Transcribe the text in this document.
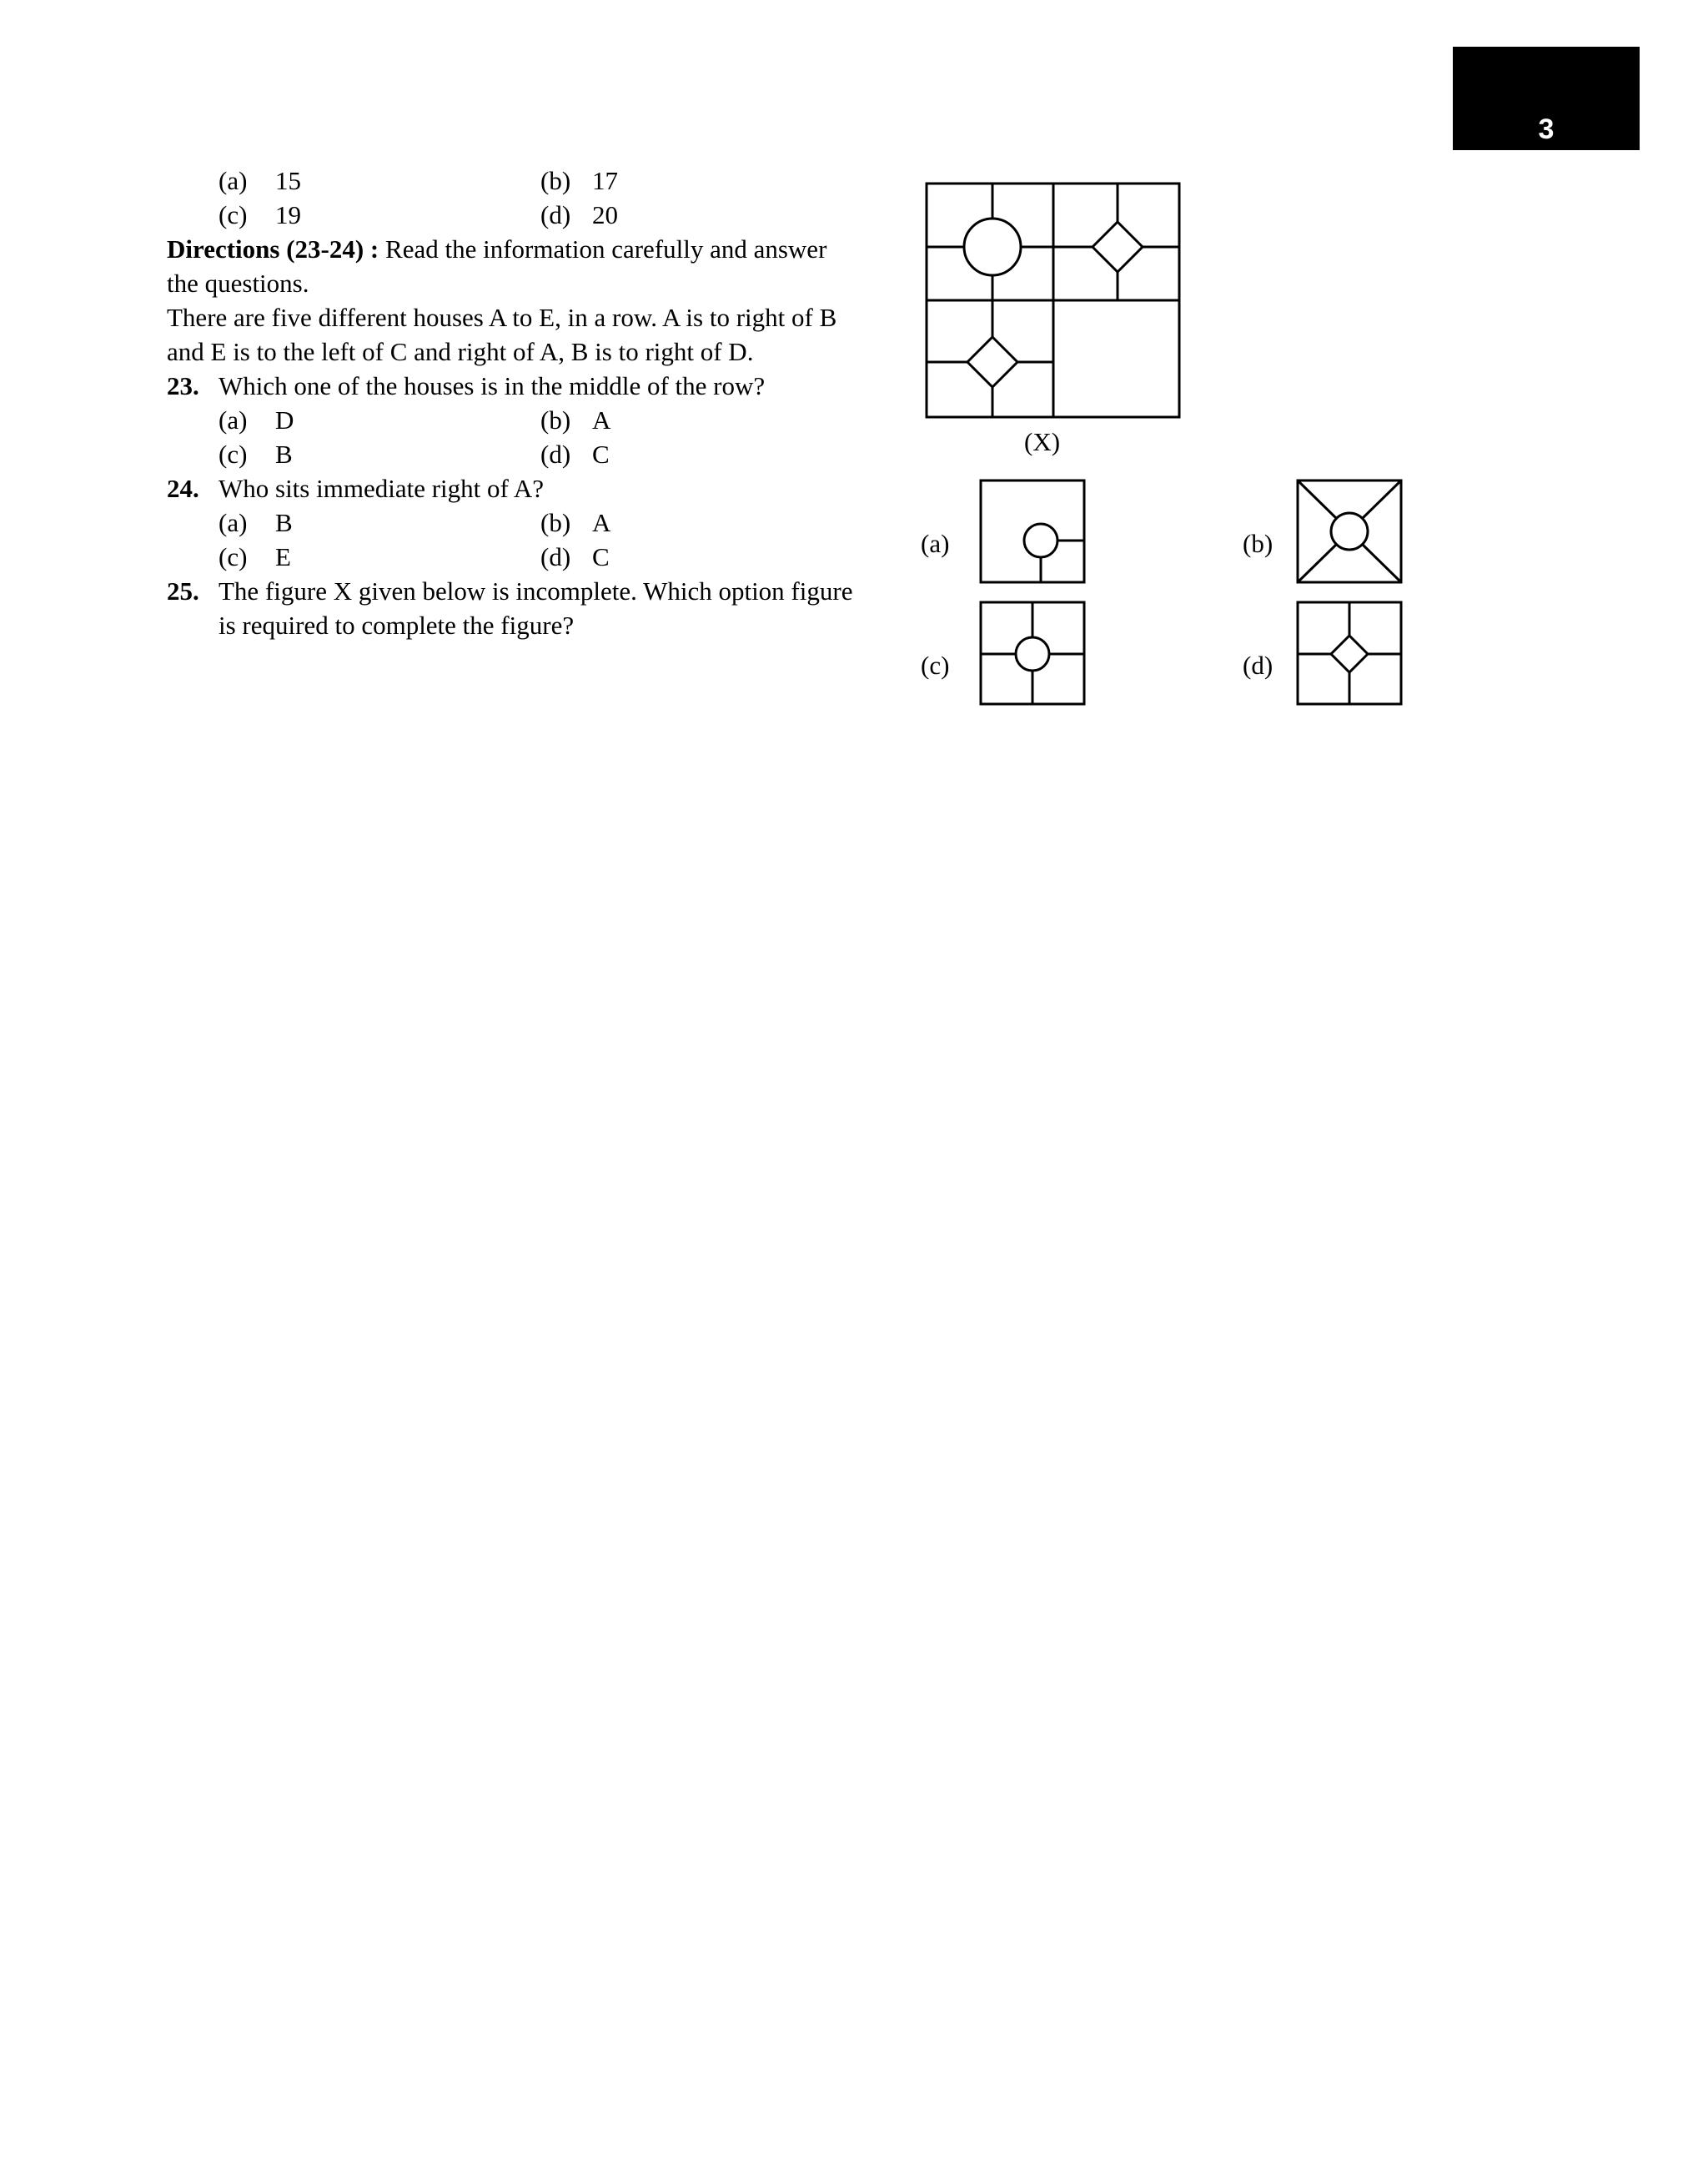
3
(a) 15	(b) 17
(c) 19	(d) 20
Directions (23-24) : Read the information carefully and answer
the questions.
There are five different houses A to E, in a row. A is to right of B
and E is to the left of C and right of A, B is to right of D.
23. Which one of the houses is in the middle of the row?
(a) D	(b) A
(c) B	(d) C
24. Who sits immediate right of A?
(a) B	(b) A
(c) E	(d) C
25. The figure X given below is incomplete. Which option figure
is required to complete the figure?
(X)
(a)	(b)
(c)	(d)
